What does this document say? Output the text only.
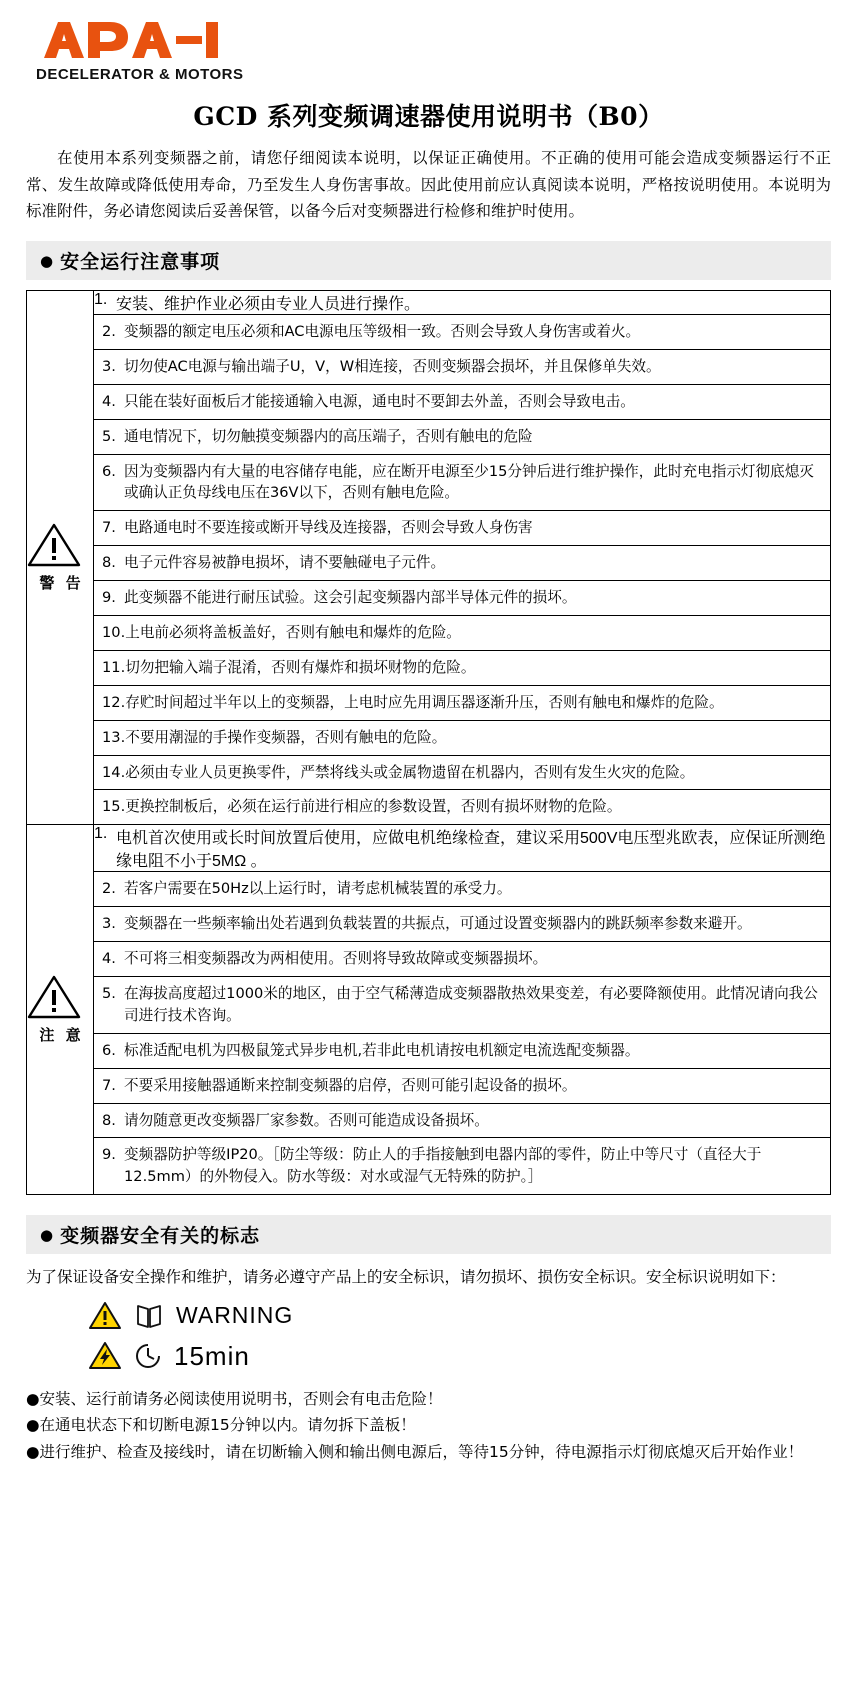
DECELERATOR & MOTORS
GCD 系列变频调速器使用说明书（B0）
在使用本系列变频器之前，请您仔细阅读本说明，以保证正确使用。不正确的使用可能会造成变频器运行不正常、发生故障或降低使用寿命，乃至发生人身伤害事故。因此使用前应认真阅读本说明，严格按说明使用。本说明为标准附件，务必请您阅读后妥善保管，以备今后对变频器进行检修和维护时使用。
● 安全运行注意事项
警 告	1. 安装、维护作业必须由专业人员进行操作。

	2. 变频器的额定电压必须和AC电源电压等级相一致。否则会导致人身伤害或着火。

	3. 切勿使AC电源与输出端子U，V，W相连接，否则变频器会损坏，并且保修单失效。

	4. 只能在装好面板后才能接通输入电源，通电时不要卸去外盖，否则会导致电击。

	5. 通电情况下，切勿触摸变频器内的高压端子，否则有触电的危险

	6. 因为变频器内有大量的电容储存电能，应在断开电源至少15分钟后进行维护操作，此时充电指示灯彻底熄灭或确认正负母线电压在36V以下，否则有触电危险。

	7. 电路通电时不要连接或断开导线及连接器，否则会导致人身伤害

	8. 电子元件容易被静电损坏，请不要触碰电子元件。

	9. 此变频器不能进行耐压试验。这会引起变频器内部半导体元件的损坏。

	10. 上电前必须将盖板盖好，否则有触电和爆炸的危险。

	11. 切勿把输入端子混淆，否则有爆炸和损坏财物的危险。

	12. 存贮时间超过半年以上的变频器，上电时应先用调压器逐渐升压，否则有触电和爆炸的危险。

	13. 不要用潮湿的手操作变频器，否则有触电的危险。

	14. 必须由专业人员更换零件，严禁将线头或金属物遗留在机器内，否则有发生火灾的危险。

	15. 更换控制板后，必须在运行前进行相应的参数设置，否则有损坏财物的危险。

注 意	1. 电机首次使用或长时间放置后使用，应做电机绝缘检查，建议采用500V电压型兆欧表，应保证所测绝缘电阻不小于5MΩ 。

	2. 若客户需要在50Hz以上运行时，请考虑机械装置的承受力。

	3. 变频器在一些频率输出处若遇到负载装置的共振点，可通过设置变频器内的跳跃频率参数来避开。

	4. 不可将三相变频器改为两相使用。否则将导致故障或变频器损坏。

	5. 在海拔高度超过1000米的地区，由于空气稀薄造成变频器散热效果变差，有必要降额使用。此情况请向我公司进行技术咨询。

	6. 标准适配电机为四极鼠笼式异步电机,若非此电机请按电机额定电流选配变频器。

	7. 不要采用接触器通断来控制变频器的启停，否则可能引起设备的损坏。

	8. 请勿随意更改变频器厂家参数。否则可能造成设备损坏。

	9. 变频器防护等级IP20。［防尘等级：防止人的手指接触到电器内部的零件，防止中等尺寸（直径大于12.5mm）的外物侵入。防水等级：对水或湿气无特殊的防护。］
● 变频器安全有关的标志
为了保证设备安全操作和维护，请务必遵守产品上的安全标识，请勿损坏、损伤安全标识。安全标识说明如下：
WARNING
15min
●安装、运行前请务必阅读使用说明书，否则会有电击危险！
●在通电状态下和切断电源15分钟以内。请勿拆下盖板！
●进行维护、检查及接线时，请在切断输入侧和输出侧电源后，等待15分钟，待电源指示灯彻底熄灭后开始作业！
